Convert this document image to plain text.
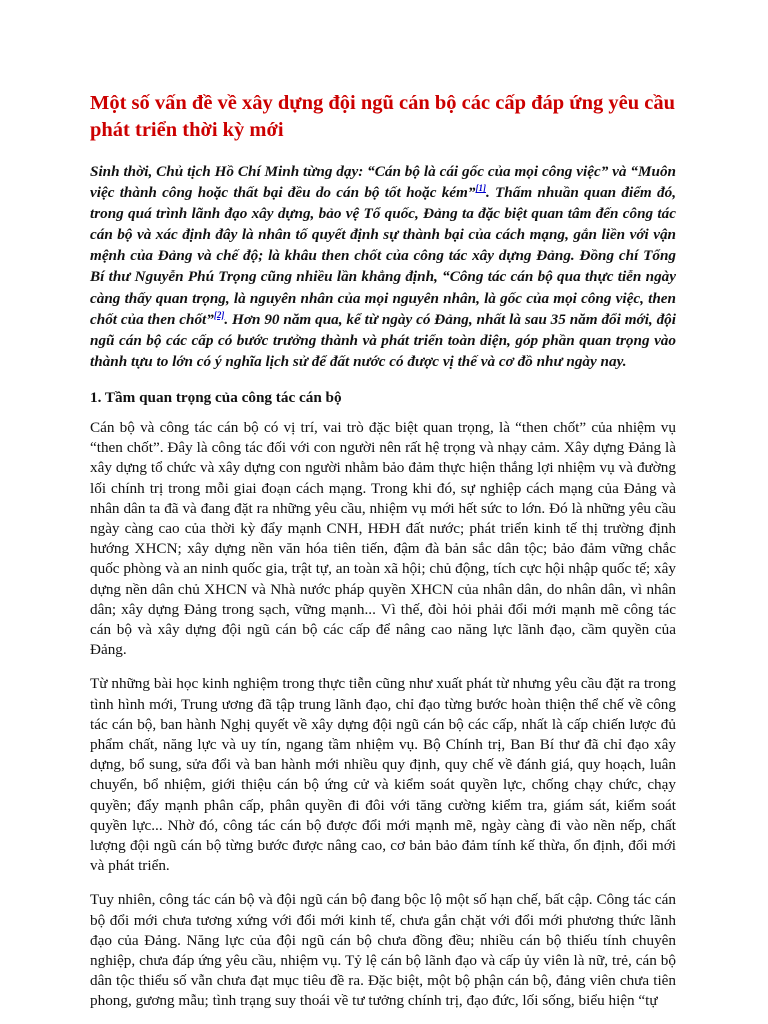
Một số vấn đề về xây dựng đội ngũ cán bộ các cấp đáp ứng yêu cầu phát triển thời kỳ mới

Sinh thời, Chủ tịch Hồ Chí Minh từng dạy: “Cán bộ là cái gốc của mọi công việc” và “Muôn việc thành công hoặc thất bại đều do cán bộ tốt hoặc kém”[1]. Thấm nhuần quan điểm đó, trong quá trình lãnh đạo xây dựng, bảo vệ Tổ quốc, Đảng ta đặc biệt quan tâm đến công tác cán bộ và xác định đây là nhân tố quyết định sự thành bại của cách mạng, gắn liền với vận mệnh của Đảng và chế độ; là khâu then chốt của công tác xây dựng Đảng. Đồng chí Tổng Bí thư Nguyễn Phú Trọng cũng nhiều lần khẳng định, “Công tác cán bộ qua thực tiễn ngày càng thấy quan trọng, là nguyên nhân của mọi nguyên nhân, là gốc của mọi công việc, then chốt của then chốt”[2]. Hơn 90 năm qua, kể từ ngày có Đảng, nhất là sau 35 năm đổi mới, đội ngũ cán bộ các cấp có bước trưởng thành và phát triển toàn diện, góp phần quan trọng vào thành tựu to lớn có ý nghĩa lịch sử để đất nước có được vị thế và cơ đồ như ngày nay.

1. Tầm quan trọng của công tác cán bộ

Cán bộ và công tác cán bộ có vị trí, vai trò đặc biệt quan trọng, là “then chốt” của nhiệm vụ “then chốt”. Đây là công tác đối với con người nên rất hệ trọng và nhạy cảm. Xây dựng Đảng là xây dựng tổ chức và xây dựng con người nhằm bảo đảm thực hiện thắng lợi nhiệm vụ và đường lối chính trị trong mỗi giai đoạn cách mạng. Trong khi đó, sự nghiệp cách mạng của Đảng và nhân dân ta đã và đang đặt ra những yêu cầu, nhiệm vụ mới hết sức to lớn. Đó là những yêu cầu ngày càng cao của thời kỳ đẩy mạnh CNH, HĐH đất nước; phát triển kinh tế thị trường định hướng XHCN; xây dựng nền văn hóa tiên tiến, đậm đà bản sắc dân tộc; bảo đảm vững chắc quốc phòng và an ninh quốc gia, trật tự, an toàn xã hội; chủ động, tích cực hội nhập quốc tế; xây dựng nền dân chủ XHCN và Nhà nước pháp quyền XHCN của nhân dân, do nhân dân, vì nhân dân; xây dựng Đảng trong sạch, vững mạnh... Vì thế, đòi hỏi phải đổi mới mạnh mẽ công tác cán bộ và xây dựng đội ngũ cán bộ các cấp để nâng cao năng lực lãnh đạo, cầm quyền của Đảng.

Từ những bài học kinh nghiệm trong thực tiễn cũng như xuất phát từ nhưng yêu cầu đặt ra trong tình hình mới, Trung ương đã tập trung lãnh đạo, chỉ đạo từng bước hoàn thiện thể chế về công tác cán bộ, ban hành Nghị quyết về xây dựng đội ngũ cán bộ các cấp, nhất là cấp chiến lược đủ phẩm chất, năng lực và uy tín, ngang tầm nhiệm vụ. Bộ Chính trị, Ban Bí thư đã chỉ đạo xây dựng, bổ sung, sửa đổi và ban hành mới nhiều quy định, quy chế về đánh giá, quy hoạch, luân chuyển, bổ nhiệm, giới thiệu cán bộ ứng cử và kiểm soát quyền lực, chống chạy chức, chạy quyền; đẩy mạnh phân cấp, phân quyền đi đôi với tăng cường kiểm tra, giám sát, kiểm soát quyền lực... Nhờ đó, công tác cán bộ được đổi mới mạnh mẽ, ngày càng đi vào nền nếp, chất lượng đội ngũ cán bộ từng bước được nâng cao, cơ bản bảo đảm tính kế thừa, ổn định, đổi mới và phát triển.

Tuy nhiên, công tác cán bộ và đội ngũ cán bộ đang bộc lộ một số hạn chế, bất cập. Công tác cán bộ đổi mới chưa tương xứng với đổi mới kinh tế, chưa gắn chặt với đổi mới phương thức lãnh đạo của Đảng. Năng lực của đội ngũ cán bộ chưa đồng đều; nhiều cán bộ thiếu tính chuyên nghiệp, chưa đáp ứng yêu cầu, nhiệm vụ. Tỷ lệ cán bộ lãnh đạo và cấp ủy viên là nữ, trẻ, cán bộ dân tộc thiểu số vẫn chưa đạt mục tiêu đề ra. Đặc biệt, một bộ phận cán bộ, đảng viên chưa tiên phong, gương mẫu; tình trạng suy thoái về tư tưởng chính trị, đạo đức, lối sống, biểu hiện “tự
